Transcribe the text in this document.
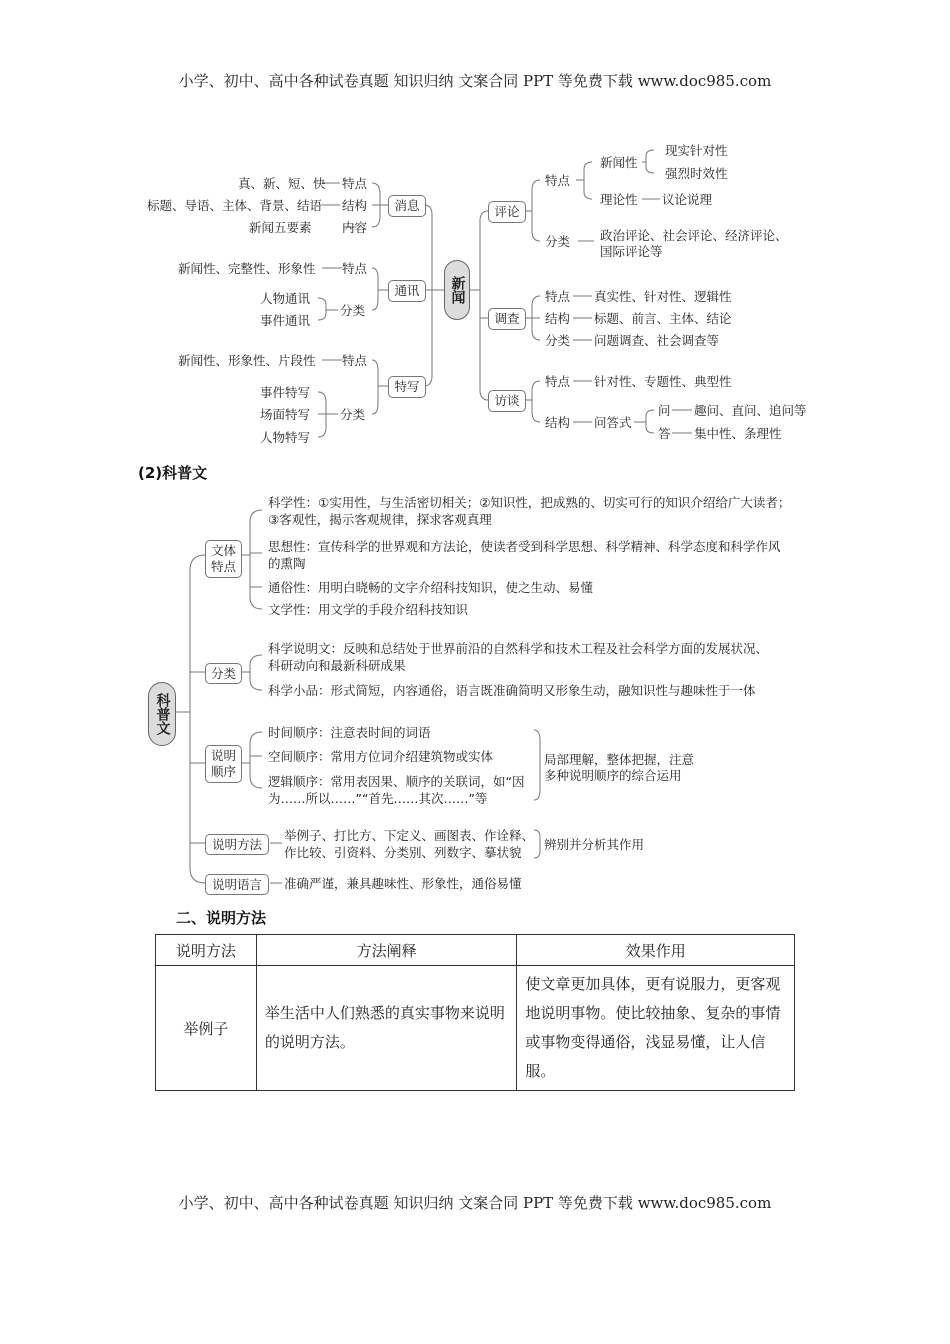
小学、初中、高中各种试卷真题 知识归纳 文案合同 PPT 等免费下载 www.doc985.com
真、新、短、快 特点
标题、导语、主体、背景、结语 结构
新闻五要素 内容
消息
新闻性、完整性、形象性 特点
人物通讯
事件通讯
分类
通讯
新闻性、形象性、片段性 特点
事件特写
场面特写
人物特写
分类
特写
新闻
评论
特点
新闻性
现实针对性
强烈时效性
理论性 议论说理
分类 政治评论、社会评论、经济评论、
国际评论等
调查
特点 真实性、针对性、逻辑性
结构 标题、前言、主体、结论
分类 问题调查、社会调查等
访谈
特点 针对性、专题性、典型性
结构 问答式
问 趣问、直问、追问等
答 集中性、条理性
(2)科普文
科普文
文体特点
科学性：①实用性，与生活密切相关；②知识性，把成熟的、切实可行的知识介绍给广大读者；
③客观性，揭示客观规律，探求客观真理
思想性：宣传科学的世界观和方法论，使读者受到科学思想、科学精神、科学态度和科学作风
的熏陶
通俗性：用明白晓畅的文字介绍科技知识，使之生动、易懂
文学性：用文学的手段介绍科技知识
分类
科学说明文：反映和总结处于世界前沿的自然科学和技术工程及社会科学方面的发展状况、
科研动向和最新科研成果
科学小品：形式简短，内容通俗，语言既准确简明又形象生动，融知识性与趣味性于一体
说明顺序
时间顺序：注意表时间的词语
空间顺序：常用方位词介绍建筑物或实体
逻辑顺序：常用表因果、顺序的关联词，如“因
为……所以……”“首先……其次……”等
局部理解，整体把握，注意
多种说明顺序的综合运用
说明方法
举例子、打比方、下定义、画图表、作诠释、
作比较、引资料、分类别、列数字、摹状貌
辨别并分析其作用
说明语言	准确严谨，兼具趣味性、形象性，通俗易懂
二、说明方法
说明方法	方法阐释	效果作用
举例子	举生活中人们熟悉的真实事物来说明的说明方法。	使文章更加具体，更有说服力，更客观地说明事物。使比较抽象、复杂的事情或事物变得通俗，浅显易懂，让人信服。
小学、初中、高中各种试卷真题 知识归纳 文案合同 PPT 等免费下载 www.doc985.com
